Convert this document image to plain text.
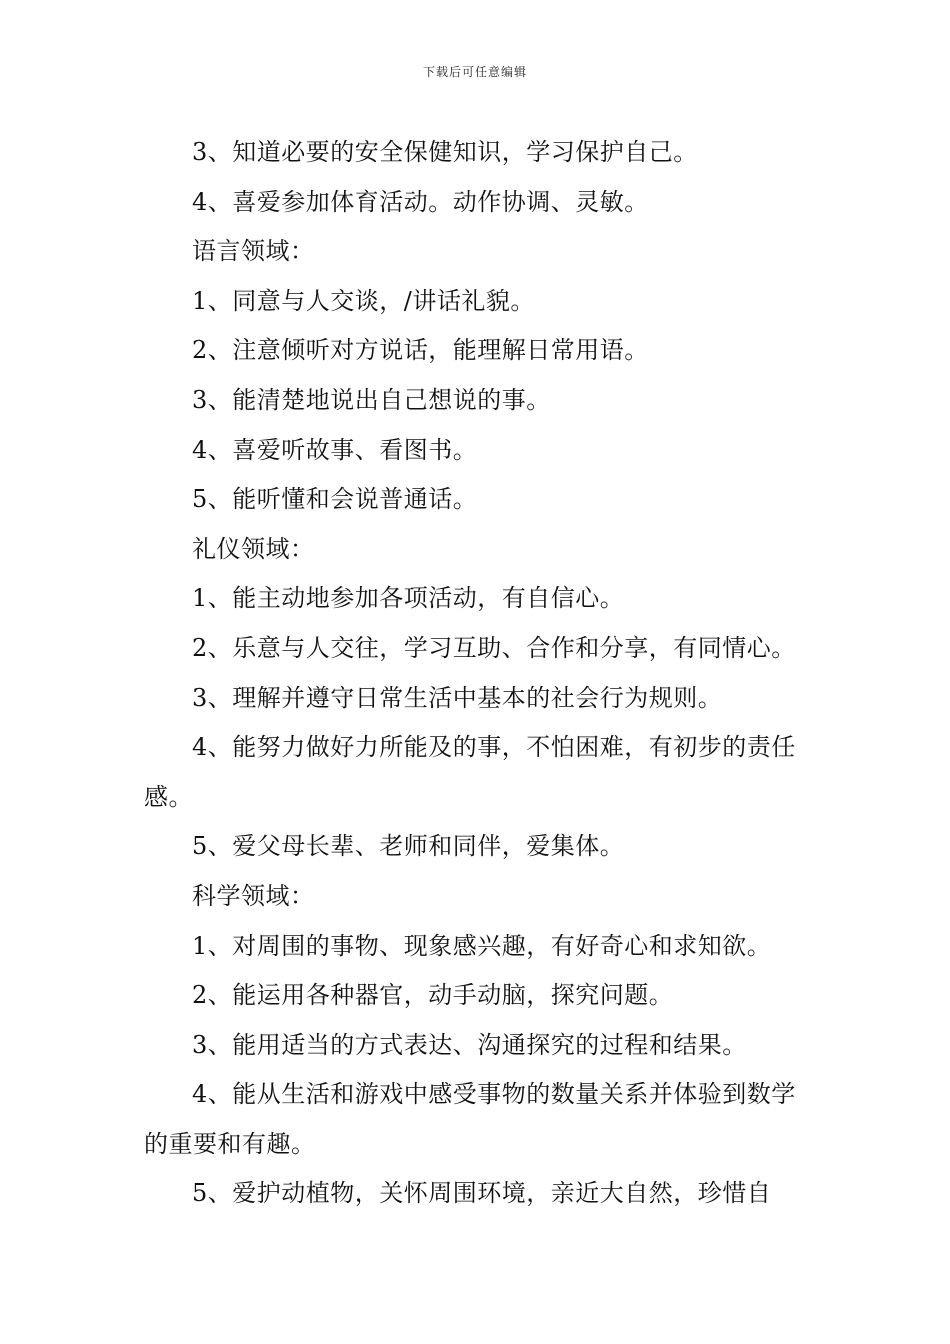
下载后可任意编辑

3、知道必要的安全保健知识，学习保护自己。

4、喜爱参加体育活动。动作协调、灵敏。

语言领域：

1、同意与人交谈，/讲话礼貌。

2、注意倾听对方说话，能理解日常用语。

3、能清楚地说出自己想说的事。

4、喜爱听故事、看图书。

5、能听懂和会说普通话。

礼仪领域：

1、能主动地参加各项活动，有自信心。

2、乐意与人交往，学习互助、合作和分享，有同情心。

3、理解并遵守日常生活中基本的社会行为规则。

4、能努力做好力所能及的事，不怕困难，有初步的责任感。

5、爱父母长辈、老师和同伴，爱集体。

科学领域：

1、对周围的事物、现象感兴趣，有好奇心和求知欲。

2、能运用各种器官，动手动脑，探究问题。

3、能用适当的方式表达、沟通探究的过程和结果。

4、能从生活和游戏中感受事物的数量关系并体验到数学的重要和有趣。

5、爱护动植物，关怀周围环境，亲近大自然，珍惜自
